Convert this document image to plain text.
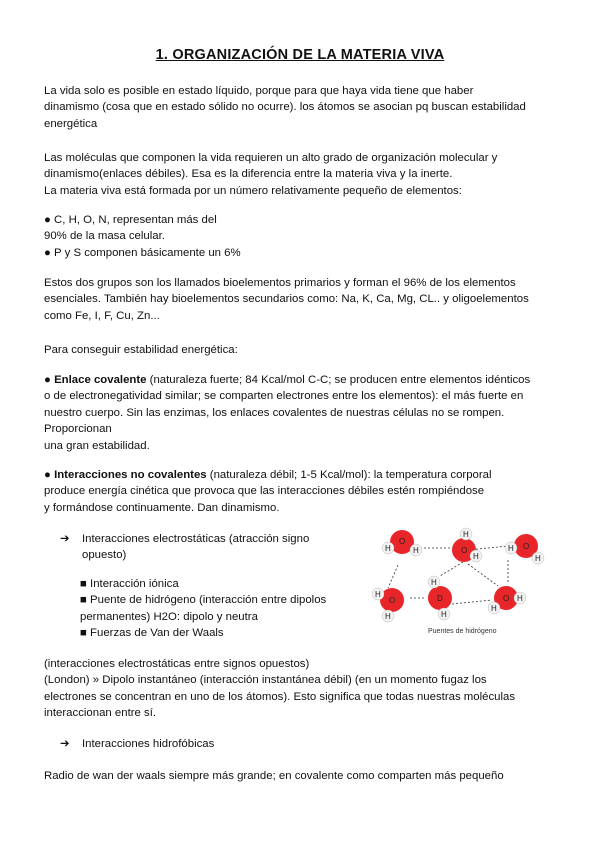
1. ORGANIZACIÓN DE LA MATERIA VIVA
La vida solo es posible en estado líquido, porque para que haya vida tiene que haber
dinamismo (cosa que en estado sólido no ocurre). los átomos se asocian pq buscan estabilidad
energética
Las moléculas que componen la vida requieren un alto grado de organización molecular y
dinamismo(enlaces débiles). Esa es la diferencia entre la materia viva y la inerte.
La materia viva está formada por un número relativamente pequeño de elementos:
● C, H, O, N, representan más del
90% de la masa celular.
● P y S componen básicamente un 6%
Estos dos grupos son los llamados bioelementos primarios y forman el 96% de los elementos
esenciales. También hay bioelementos secundarios como: Na, K, Ca, Mg, CL.. y oligoelementos
como Fe, I, F, Cu, Zn...
Para conseguir estabilidad energética:
● Enlace covalente (naturaleza fuerte; 84 Kcal/mol C-C; se producen entre elementos idénticos
o de electronegatividad similar; se comparten electrones entre los elementos): el más fuerte en
nuestro cuerpo. Sin las enzimas, los enlaces covalentes de nuestras células no se rompen.
Proporcionan
una gran estabilidad.
● Interacciones no covalentes (naturaleza débil; 1-5 Kcal/mol): la temperatura corporal
produce energía cinética que provoca que las interacciones débiles estén rompiéndose
y formándose continuamente. Dan dinamismo.
➔ Interacciones electrostáticas (atracción signo
opuesto)
■ Interacción iónica
■ Puente de hidrógeno (interacción entre dipolos
permanentes) H2O: dipolo y neutra
■ Fuerzas de Van der Waals
O
H	H	O
H
H
O
H
H
O
H
H
D
H
H
O
H
H
Puentes de hidrógeno
(interacciones electrostáticas entre signos opuestos)
(London) » Dipolo instantáneo (interacción instantánea débil) (en un momento fugaz los
electrones se concentran en uno de los átomos). Esto significa que todas nuestras moléculas
interaccionan entre sí.
➔ Interacciones hidrofóbicas
Radio de wan der waals siempre más grande; en covalente como comparten más pequeño
